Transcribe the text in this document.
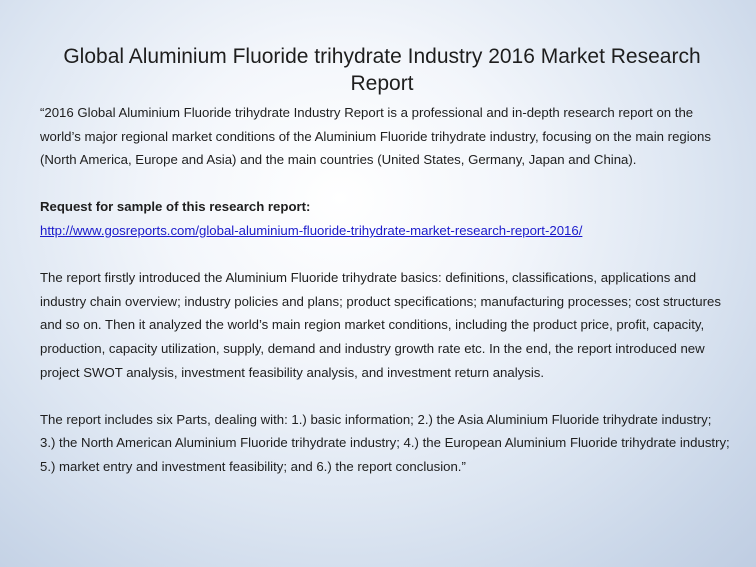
Global Aluminium Fluoride trihydrate Industry 2016 Market Research Report

“2016 Global Aluminium Fluoride trihydrate Industry Report is a professional and in-depth research report on the world’s major regional market conditions of the Aluminium Fluoride trihydrate industry, focusing on the main regions (North America, Europe and Asia) and the main countries (United States, Germany, Japan and China).

Request for sample of this research report:

http://www.gosreports.com/global-aluminium-fluoride-trihydrate-market-research-report-2016/

The report firstly introduced the Aluminium Fluoride trihydrate basics: definitions, classifications, applications and industry chain overview; industry policies and plans; product specifications; manufacturing processes; cost structures and so on. Then it analyzed the world’s main region market conditions, including the product price, profit, capacity, production, capacity utilization, supply, demand and industry growth rate etc. In the end, the report introduced new project SWOT analysis, investment feasibility analysis, and investment return analysis.

The report includes six Parts, dealing with: 1.) basic information; 2.) the Asia Aluminium Fluoride trihydrate industry; 3.) the North American Aluminium Fluoride trihydrate industry; 4.) the European Aluminium Fluoride trihydrate industry; 5.) market entry and investment feasibility; and 6.) the report conclusion.”
